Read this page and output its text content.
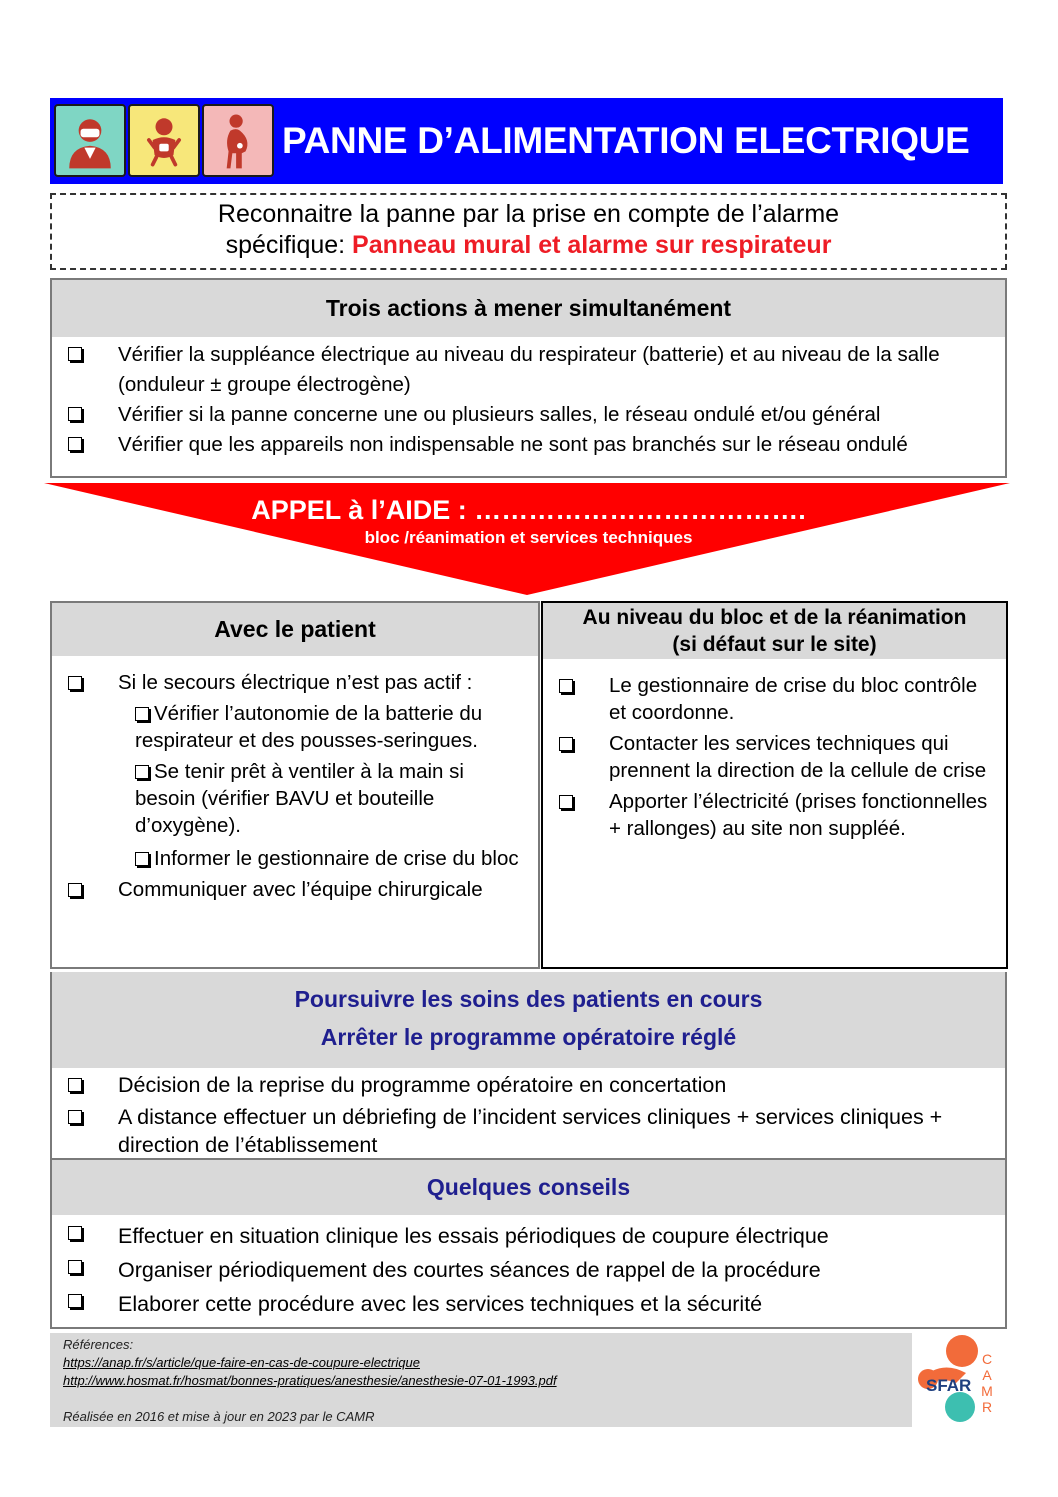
PANNE D’ALIMENTATION ELECTRIQUE
Reconnaitre la panne par la prise en compte de l’alarme
spécifique: Panneau mural et alarme sur respirateur
Trois actions à mener simultanément
Vérifier la suppléance électrique au niveau du respirateur (batterie) et au niveau de la salle (onduleur ± groupe électrogène)
Vérifier si la panne concerne une ou plusieurs salles, le réseau ondulé et/ou général
Vérifier que les appareils non indispensable ne sont pas branchés sur le réseau ondulé
APPEL à l’AIDE : ……………………………….
bloc /réanimation et services techniques
Avec le patient
Si le secours électrique n’est pas actif :
Vérifier l’autonomie de la batterie du respirateur et des pousses-seringues.
Se tenir prêt à ventiler à la main si besoin (vérifier BAVU et bouteille d’oxygène).
Informer le gestionnaire de crise du bloc
Communiquer avec l’équipe chirurgicale
Au niveau du bloc et de la réanimation
(si défaut sur le site)
Le gestionnaire de crise du bloc contrôle et coordonne.
Contacter les services techniques qui prennent la direction de la cellule de crise
Apporter l’électricité (prises fonctionnelles + rallonges) au site non suppléé.
Poursuivre les soins des patients en cours
Arrêter le programme opératoire réglé
Décision de la reprise du programme opératoire en concertation
A distance effectuer un débriefing de l’incident services cliniques + services cliniques + direction de l’établissement
Quelques conseils
Effectuer en situation clinique les essais périodiques de coupure électrique
Organiser périodiquement des courtes séances de rappel de la procédure
Elaborer cette procédure avec les services techniques et la sécurité
Références:
https://anap.fr/s/article/que-faire-en-cas-de-coupure-electrique
http://www.hosmat.fr/hosmat/bonnes-pratiques/anesthesie/anesthesie-07-01-1993.pdf
Réalisée en 2016 et mise à jour en 2023 par le CAMR
SFAR
CAMR
